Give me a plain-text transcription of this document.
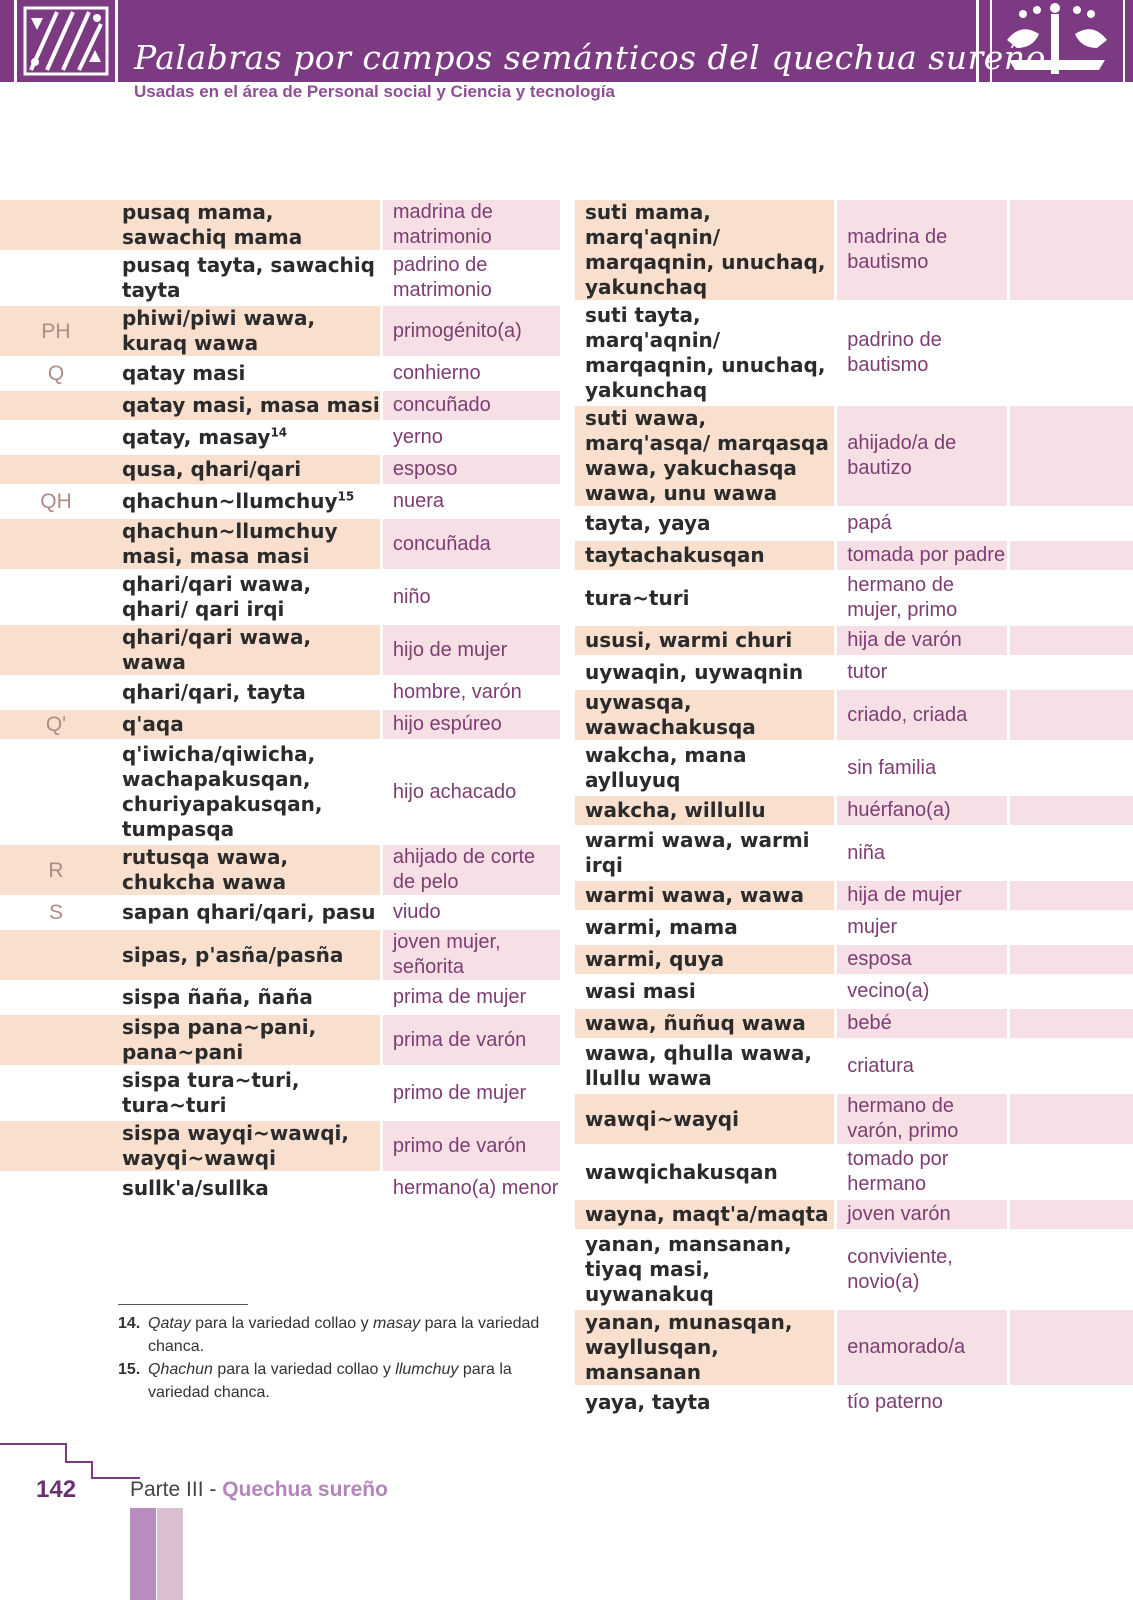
Palabras por campos semánticos del quechua sureño
Usadas en el área de Personal social y Ciencia y tecnología
	pusaq mama, sawachiq mama		madrina de matrimonio
	pusaq tayta, sawachiq tayta		padrino de matrimonio
PH	phiwi/piwi wawa, kuraq wawa		primogénito(a)
Q	qatay masi		conhierno
	qatay masi, masa masi		concuñado
	qatay, masay$^{14}$		yerno
	qusa, qhari/qari		esposo
QH	qhachun~llumchuy$^{15}$		nuera
	qhachun~llumchuy masi, masa masi		concuñada
	qhari/qari wawa, qhari/ qari irqi		niño
	qhari/qari wawa, wawa		hijo de mujer
	qhari/qari, tayta		hombre, varón
Q'	q'aqa		hijo espúreo
	q'iwicha/qiwicha, wachapakusqan, churiyapakusqan, tumpasqa		hijo achacado
R	rutusqa wawa, chukcha wawa		ahijado de corte de pelo
S	sapan qhari/qari, pasu		viudo
	sipas, p'asña/pasña		joven mujer, señorita
	sispa ñaña, ñaña		prima de mujer
	sispa pana~pani, pana~pani		prima de varón
	sispa tura~turi, tura~turi		primo de mujer
	sispa wayqi~wawqi, wayqi~wawqi		primo de varón
	sullk'a/sullka		hermano(a) menor
suti mama, marq'aqnin/ marqaqnin, unuchaq, yakunchaq		madrina de bautismo		
suti tayta, marq'aqnin/ marqaqnin, unuchaq, yakunchaq		padrino de bautismo		
suti wawa, marq'asqa/ marqasqa wawa, yakuchasqa wawa, unu wawa		ahijado/a de bautizo		
tayta, yaya		papá		
taytachakusqan		tomada por padre		
tura~turi		hermano de mujer, primo		
ususi, warmi churi		hija de varón		
uywaqin, uywaqnin		tutor		
uywasqa, wawachakusqa		criado, criada		
wakcha, mana aylluyuq		sin familia		
wakcha, willullu		huérfano(a)		
warmi wawa, warmi irqi		niña		
warmi wawa, wawa		hija de mujer		
warmi, mama		mujer		
warmi, quya		esposa		
wasi masi		vecino(a)		
wawa, ñuñuq wawa		bebé		
wawa, qhulla wawa, llullu wawa		criatura		
wawqi~wayqi		hermano de varón, primo		
wawqichakusqan		tomado por hermano		
wayna, maqt'a/maqta		joven varón		
yanan, mansanan, tiyaq masi, uywanakuq		conviviente, novio(a)		
yanan, munasqan, wayllusqan, mansanan		enamorado/a		
yaya, tayta		tío paterno		

14. Qatay para la variedad collao y masay para la variedad chanca.

15. Qhachun para la variedad collao y llumchuy para la variedad chanca.

142	Parte III - Quechua sureño
